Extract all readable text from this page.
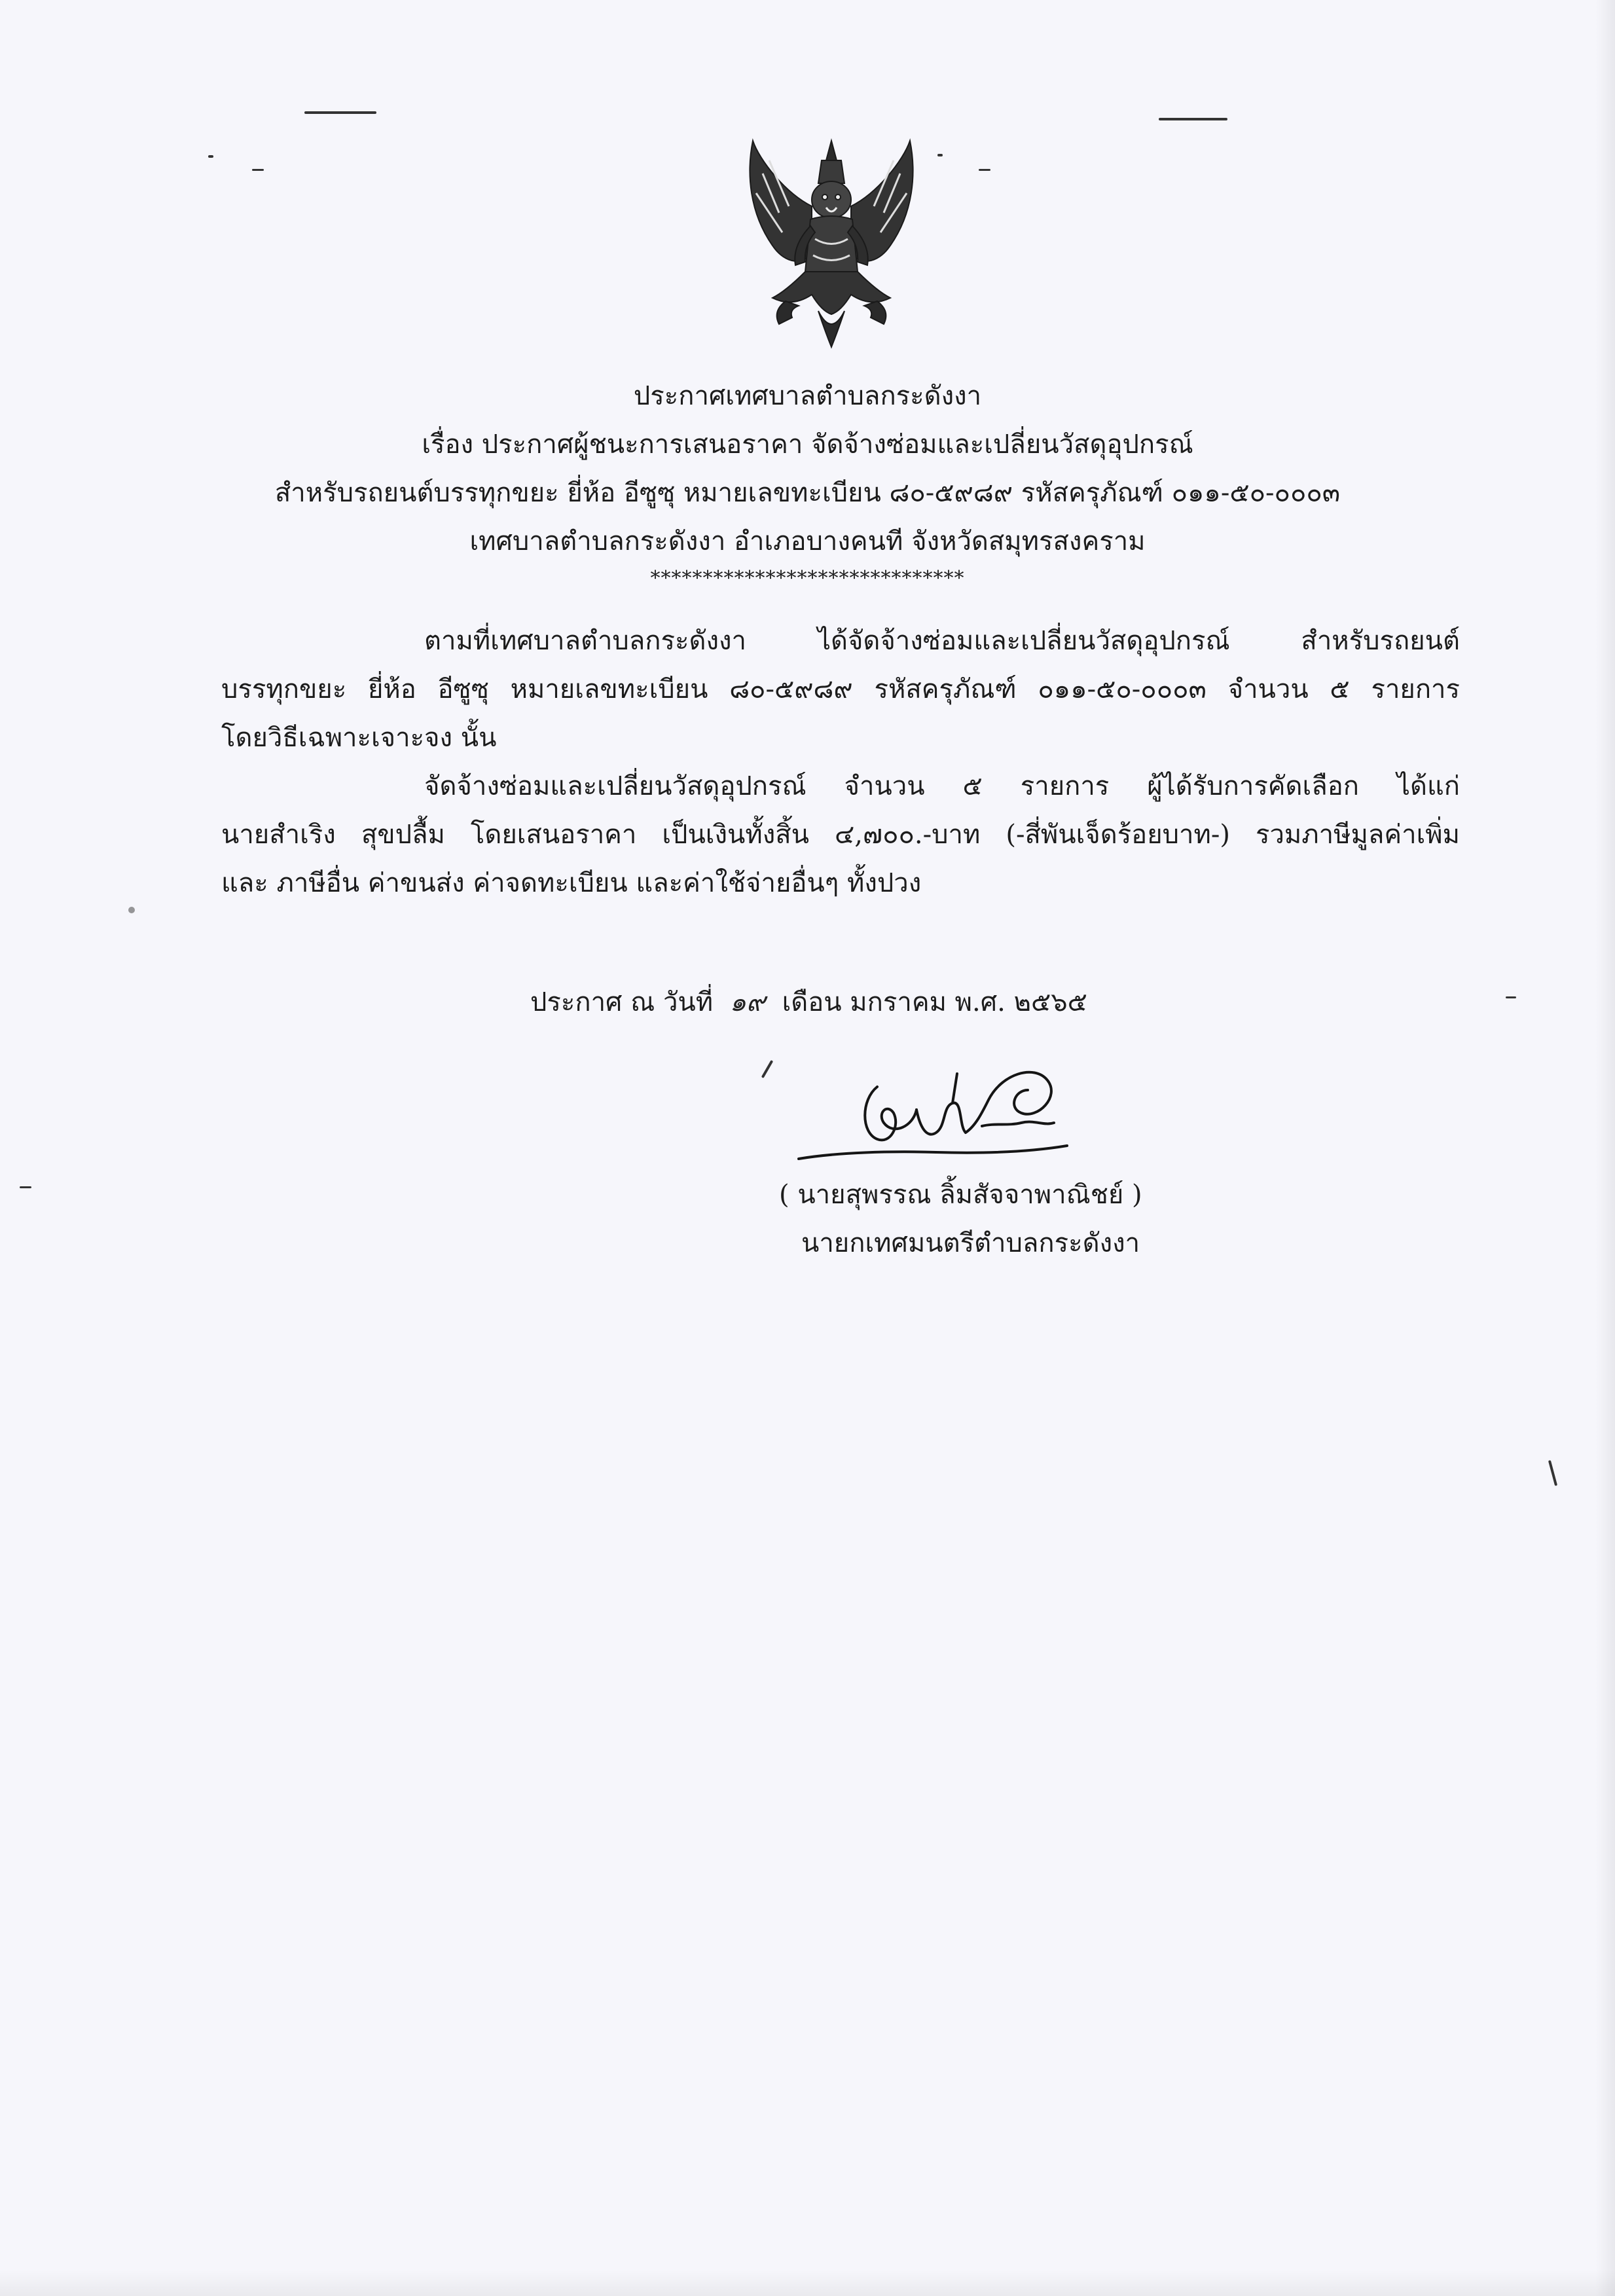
ประกาศเทศบาลตำบลกระดังงา
เรื่อง ประกาศผู้ชนะการเสนอราคา จัดจ้างซ่อมและเปลี่ยนวัสดุอุปกรณ์
สำหรับรถยนต์บรรทุกขยะ ยี่ห้อ อีซูซุ หมายเลขทะเบียน ๘๐-๕๙๘๙ รหัสครุภัณฑ์ ๐๑๑-๕๐-๐๐๐๓
เทศบาลตำบลกระดังงา อำเภอบางคนที จังหวัดสมุทรสงคราม
******************************
ตามที่เทศบาลตำบลกระดังงา ได้จัดจ้างซ่อมและเปลี่ยนวัสดุอุปกรณ์ สำหรับรถยนต์
บรรทุกขยะ ยี่ห้อ อีซูซุ หมายเลขทะเบียน ๘๐-๕๙๘๙ รหัสครุภัณฑ์ ๐๑๑-๕๐-๐๐๐๓ จำนวน ๕ รายการ
โดยวิธีเฉพาะเจาะจง นั้น
จัดจ้างซ่อมและเปลี่ยนวัสดุอุปกรณ์ จำนวน ๕ รายการ ผู้ได้รับการคัดเลือก ได้แก่
นายสำเริง สุขปลื้ม โดยเสนอราคา เป็นเงินทั้งสิ้น ๔,๗๐๐.-บาท (-สี่พันเจ็ดร้อยบาท-) รวมภาษีมูลค่าเพิ่ม
และ ภาษีอื่น ค่าขนส่ง ค่าจดทะเบียน และค่าใช้จ่ายอื่นๆ ทั้งปวง
ประกาศ ณ วันที่ ๑๙ เดือน มกราคม พ.ศ. ๒๕๖๕
( นายสุพรรณ ลิ้มสัจจาพาณิชย์ )
นายกเทศมนตรีตำบลกระดังงา
